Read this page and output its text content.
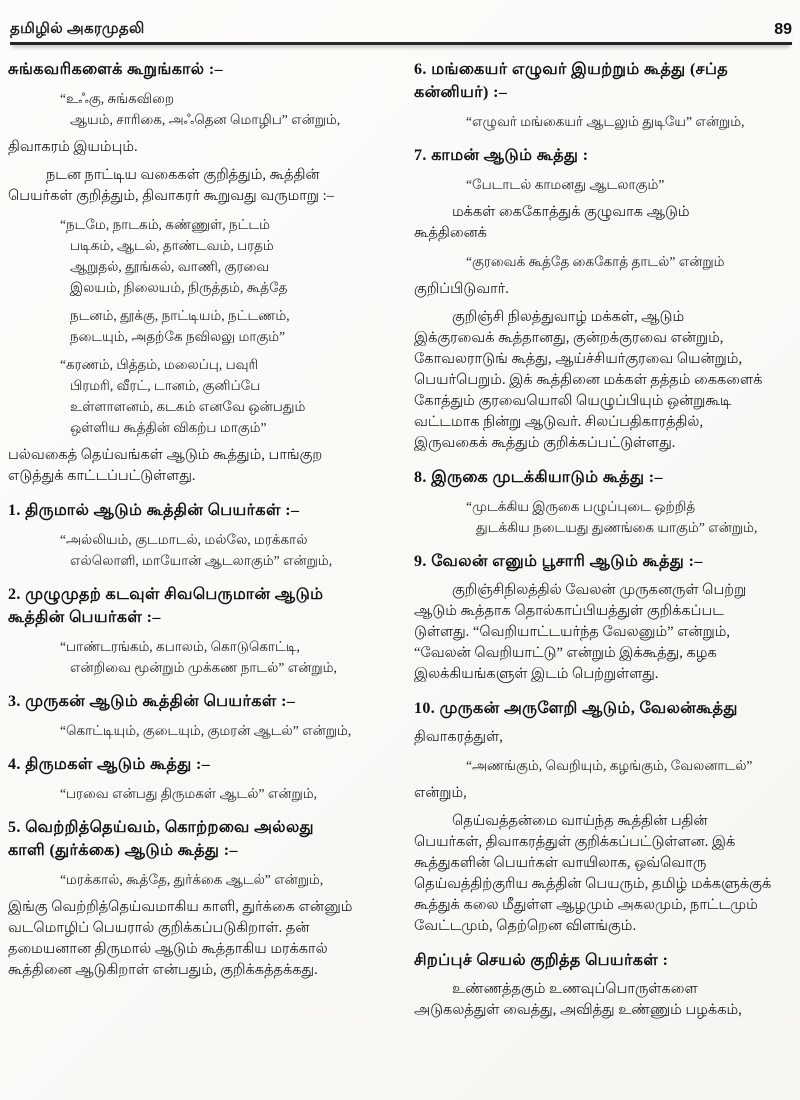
தமிழில் அகரமுதலி	89
சுங்கவரிகளைக் கூறுங்கால் :–
“உஃகு, சுங்கவிறை
ஆயம், சாரிகை, அஃதென மொழிப” என்றும்,
திவாகரம் இயம்பும்.
நடன நாட்டிய வகைகள் குறித்தும், கூத்தின்
பெயர்கள் குறித்தும், திவாகரர் கூறுவது வருமாறு :–
“நடமே, நாடகம், கண்ணுள், நட்டம்
படிகம், ஆடல், தாண்டவம், பரதம்
ஆறுதல், தூங்கல், வாணி, குரவை
இலயம், நிலையம், நிருத்தம், கூத்தே
நடனம், தூக்கு, நாட்டியம், நட்டணம்,
நடையும், அதற்கே நவிலலு மாகும்”
“கரணம், பித்தம், மலைப்பு, பவுரி
பிரமரி, வீரட், டானம், குனிப்பே
உள்ளாளனம், கடகம் எனவே ஒன்பதும்
ஒள்ளிய கூத்தின் விகற்ப மாகும்”
பல்வகைத் தெய்வங்கள் ஆடும் கூத்தும், பாங்குற
எடுத்துக் காட்டப்பட்டுள்ளது.
1. திருமால் ஆடும் கூத்தின் பெயர்கள் :–
“அல்லியம், குடமாடல், மல்லே, மரக்கால்
எல்லொளி, மாயோன் ஆடலாகும்” என்றும்,
2. முழுமுதற் கடவுள் சிவபெருமான் ஆடும்
கூத்தின் பெயர்கள் :–
“பாண்டரங்கம், கபாலம், கொடுகொட்டி,
என்றிவை மூன்றும் முக்கண நாடல்” என்றும்,
3. முருகன் ஆடும் கூத்தின் பெயர்கள் :–
“கொட்டியும், குடையும், குமரன் ஆடல்” என்றும்,
4. திருமகள் ஆடும் கூத்து :–
“பரவை என்பது திருமகள் ஆடல்” என்றும்,
5. வெற்றித்தெய்வம், கொற்றவை அல்லது
காளி (துர்க்கை) ஆடும் கூத்து :–
“மரக்கால், கூத்தே, துர்க்கை ஆடல்” என்றும்,
இங்கு வெற்றித்தெய்வமாகிய காளி, துர்க்கை என்னும்
வடமொழிப் பெயரால் குறிக்கப்படுகிறாள். தன்
தமையனான திருமால் ஆடும் கூத்தாகிய மரக்கால்
கூத்தினை ஆடுகிறாள் என்பதும், குறிக்கத்தக்கது.
6. மங்கையர் எழுவர் இயற்றும் கூத்து (சப்த
கன்னியர்) :–
“எழுவர் மங்கையர் ஆடலும் துடியே” என்றும்,
7. காமன் ஆடும் கூத்து :
“பேடாடல் காமனது ஆடலாகும்”
மக்கள் கைகோத்துக் குழுவாக ஆடும்
கூத்தினைக்
“குரவைக் கூத்தே கைகோத் தாடல்” என்றும்
குறிப்பிடுவார்.
குறிஞ்சி நிலத்துவாழ் மக்கள், ஆடும்
இக்குரவைக் கூத்தானது, குன்றக்குரவை என்றும்,
கோவலராடுங் கூத்து, ஆய்ச்சியர்குரவை யென்றும்,
பெயர்பெறும். இக் கூத்தினை மக்கள் தத்தம் கைகளைக்
கோத்தும் குரவையொலி யெழுப்பியும் ஒன்றுகூடி
வட்டமாக நின்று ஆடுவர். சிலப்பதிகாரத்தில்,
இருவகைக் கூத்தும் குறிக்கப்பட்டுள்ளது.
8. இருகை முடக்கியாடும் கூத்து :–
“முடக்கிய இருகை பழுப்புடை ஒற்றித்
துடக்கிய நடையது துணங்கை யாகும்” என்றும்,
9. வேலன் எனும் பூசாரி ஆடும் கூத்து :–
குறிஞ்சிநிலத்தில் வேலன் முருகனருள் பெற்று
ஆடும் கூத்தாக தொல்காப்பியத்துள் குறிக்கப்பட
டுள்ளது. “வெறியாட்டயர்ந்த வேலனும்” என்றும்,
“வேலன் வெறியாட்டு” என்றும் இக்கூத்து, கழக
இலக்கியங்களுள் இடம் பெற்றுள்ளது.
10. முருகன் அருளேறி ஆடும், வேலன்கூத்து
திவாகரத்துள்,
“அணங்கும், வெறியும், கழங்கும், வேலனாடல்”
என்றும்,
தெய்வத்தன்மை வாய்ந்த கூத்தின் பதின்
பெயர்கள், திவாகரத்துள் குறிக்கப்பட்டுள்ளன. இக்
கூத்துகளின் பெயர்கள் வாயிலாக, ஒவ்வொரு
தெய்வத்திற்குரிய கூத்தின் பெயரும், தமிழ் மக்களுக்குக்
கூத்துக் கலை மீதுள்ள ஆழமும் அகலமும், நாட்டமும்
வேட்டமும், தெற்றென விளங்கும்.
சிறப்புச் செயல் குறித்த பெயர்கள் :
உண்ணத்தகும் உணவுப்பொருள்களை
அடுகலத்துள் வைத்து, அவித்து உண்ணும் பழக்கம்,
